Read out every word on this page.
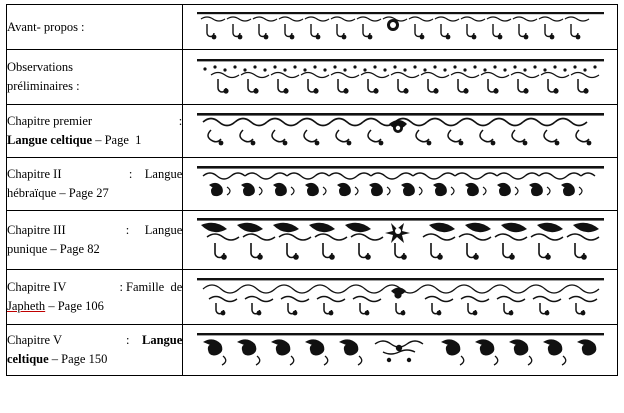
Avant- propos :

Observations
préliminaires :

Chapitre premier :
Langue celtique – Page  1

Chapitre II :    Langue
hébraïque – Page 27

Chapitre III :     Langue
punique – Page 82

Chapitre IV : Famille  de
Japheth – Page 106

Chapitre V :    Langue
celtique – Page 150
